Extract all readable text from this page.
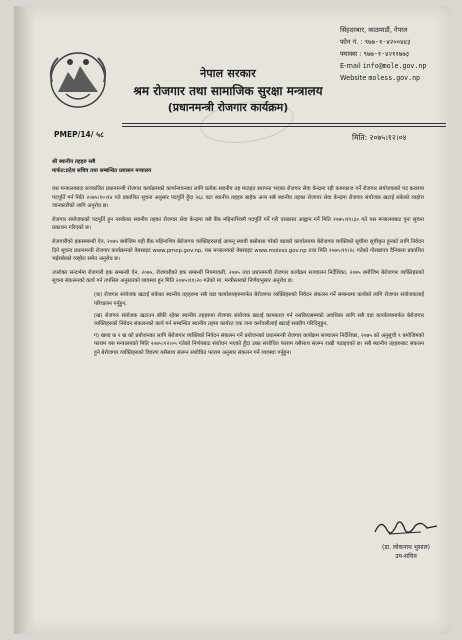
नेपाल सरकार
श्रम रोजगार तथा सामाजिक सुरक्षा मन्त्रालय
(प्रधानमन्त्री रोजगार कार्यक्रम)
सिंहदरबार, काठमाडौं, नेपाल
फोन नं. : ९७७-१-४२००४४३
फ्याक्स : ९७७-१-४२११७७३
E-mail info@mole.gov.np
Website moless.gov.np
PMEP/14/ ५८	मिति: २०७५।१२।०४

श्री स्थानीय तहहरु सबै

मार्फत:प्रदेश सचिव तथा सम्बन्धित प्रशासन मन्त्रालय

यस मन्त्रालयबाट सञ्चालित प्रधानमन्त्री रोजगार कार्यक्रमको कार्यान्वयनका लागि प्रत्येक स्थानीय तह मातहत स्थापना भएका रोजगार सेवा केन्द्रमा रही कामकाज गर्ने रोजगार संयोजकको पद करारमा पदपूर्ति गर्न मिति २०७५।१०।१४ गते प्रकाशित सूचना अनुसार पदपूर्ति हुँदा २६८ वटा स्थानीय तहहरु बाहेक अन्य सबै स्थानीय तहका रोजगार सेवा केन्द्रमा रोजगार संयोजक खटाई सकेको व्यहोरा जानकारीको लागि अनुरोध छ।

रोजगार संयोजकको पदपूर्ति हुन नसकेका स्थानीय तहका रोजगार सेवा केन्द्रमा यसै बैंक महिनाभित्रमै पदपूर्ति गर्ने गरी दरखास्त आह्वान गर्ने मिति २०७५।११।३० गते यस मन्त्रालयबाट पुनः सूचना प्रकाशन गरिएको छ।

रोजगारीको हकसम्बन्धी ऐन, २०७५ बमोजिम यही बैंक महिनाभित्र बेरोजगार व्यक्तिहरुलाई आफ्नू स्थायी बसोबास गरेको वडाको कार्यालयमा बेरोजगार व्यक्तिको सूचीमा सूचीकृत हुनको लागि निवेदन दिने सूचना प्रधानमन्त्री रोजगार कार्यक्रमको वेबसाइट www.pmep.gov.np, यस मन्त्रालयको वेबसाइट www.moless.gov.np तथा मिति २०७५।११।२८ गतेको गोरखापत्र दैनिकमा प्रकाशित भईसकेको व्यहोरा समेत अनुरोध छ।

उपरोक्त सन्दर्भमा रोजगारी हक सम्बन्धी ऐन, २०७५, रोजगारीको हक सम्बन्धी नियमावली, २०७५ तथा प्रधानमन्त्री रोजगार कार्यक्रम सञ्चालन निर्देशिका, २०७५ बमोजिम बेरोजगार व्यक्तिहरुको सूचना संकलनको कार्य गर्न तपसिल अनुसारको व्यवस्था हुन मिति २०७५।११।२० गतेको मा. मन्त्रीस्तरको निर्णयानुसार अनुरोध छ:

(क) रोजगार संयोजक खटाई सकेका स्थानीय तहहरुमा सबै वडा कार्यालयहरुमार्फत बेरोजगार व्यक्तिहरुको निवेदन संकलन गर्ने सम्बन्धमा कार्यको लागि रोजगार संयोजकलाई परिचालन गर्नुहुन,

(ख) रोजगार संयोजक खटाउन बाँकी रहेका स्थानीय तहहरुमा रोजगार संयोजक खटाई कामकाज गर्न नसकिएसम्मको अवधिका लागि सबै वडा कार्यालयमार्फत बेरोजगार व्यक्तिहरुको निवेदन संकलनको कार्य गर्न सम्बन्धित स्थानीय तहमा कार्यरत एक जना कर्मचारीलाई खटाई सक्दीप गरिदिनुहुन,

ग) खण्ड क र ख को प्रयोजनका लागि बेरोजगार व्यक्तिको निवेदन संकलन गर्ने प्रयोजनको प्रधानमन्त्री रोजगार कार्यक्रम सञ्चालन निर्देशिका, २०७५ को अनुसूची ९ बमोजिमको फाराम यस मन्त्रालयको मिति २०७५।१२।०५ गतेको निर्णयबाट संशोधन भएको हुँदा उक्त संशोधित फाराम यसैसाथ संलग्न राखी पठाइएको छ। सबै स्थानीय तहहरुबाट संकलन हुने बेरोजगार व्यक्तिहरुको विवरण यसैसाथ संलग्न संशोधित फाराम अनुसार संकलन गर्ने व्यवस्था गर्नुहुन।

(डा. लोकनाथ भुसाल)
उप-सचिव
